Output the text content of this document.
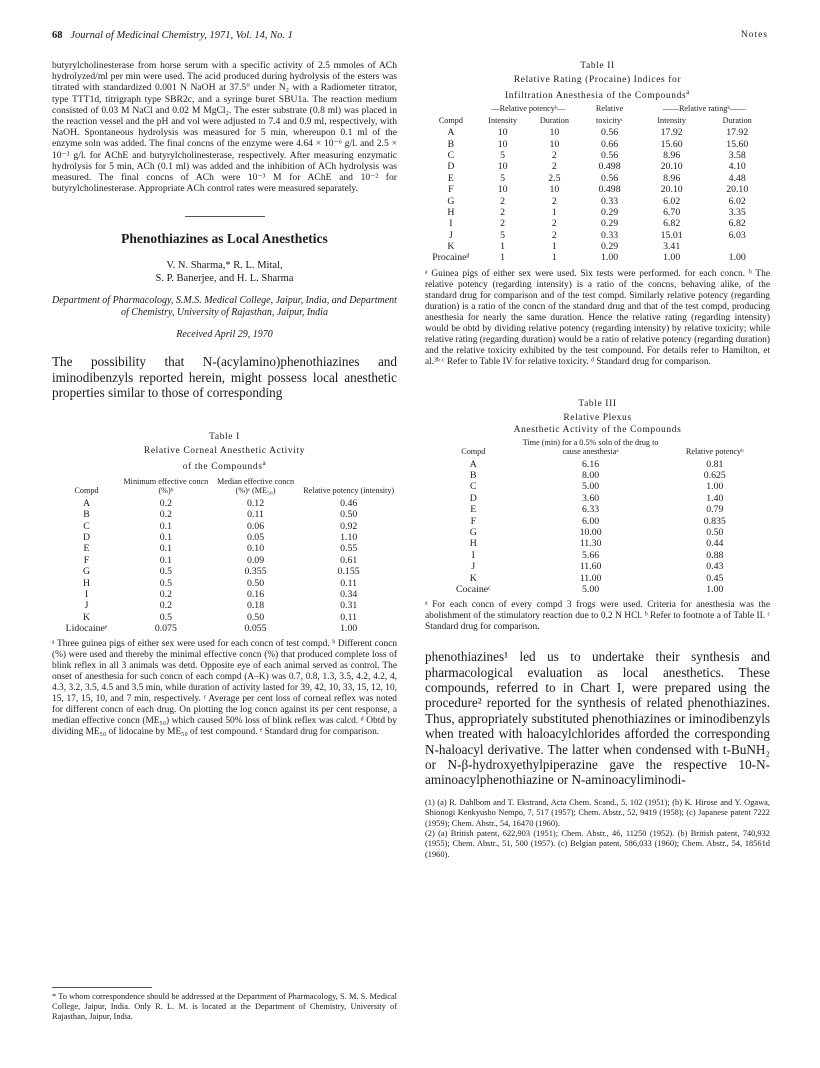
68 Journal of Medicinal Chemistry, 1971, Vol. 14, No. 1	Notes

butyrylcholinesterase from horse serum with a specific activity of 2.5 mmoles of ACh hydrolyzed/ml per min were used. The acid produced during hydrolysis of the esters was titrated with standardized 0.001 N NaOH at 37.5° under N₂ with a Radiometer titrator, type TTT1d, titrigraph type SBR2c, and a syringe buret SBU1a. The reaction medium consisted of 0.03 M NaCl and 0.02 M MgCl₂. The ester substrate (0.8 ml) was placed in the reaction vessel and the pH and vol were adjusted to 7.4 and 0.9 ml, respectively, with NaOH. Spontaneous hydrolysis was measured for 5 min, whereupon 0.1 ml of the enzyme soln was added. The final concns of the enzyme were 4.64 × 10⁻⁶ g/l. and 2.5 × 10⁻³ g/l. for AChE and butyrylcholinesterase, respectively. After measuring enzymatic hydrolysis for 5 min, ACh (0.1 ml) was added and the inhibition of ACh hydrolysis was measured. The final concns of ACh were 10⁻³ M for AChE and 10⁻² for butyrylcholinesterase. Appropriate ACh control rates were measured separately.

Phenothiazines as Local Anesthetics
V. N. Sharma,* R. L. Mital,
S. P. Banerjee, and H. L. Sharma
Department of Pharmacology, S.M.S. Medical College, Jaipur, India, and Department of Chemistry, University of Rajasthan, Jaipur, India
Received April 29, 1970

The possibility that N-(acylamino)phenothiazines and iminodibenzyls reported herein, might possess local anesthetic properties similar to those of corresponding

Table I
Relative Corneal Anesthetic Activity
of the Compounds$^a$
Compd	Minimum effective concn (%)ᵇ	Median effective concn (%)ᶜ (ME₅₀)	Relative potency (intensity)
A	0.2	0.12	0.46
B	0.2	0.11	0.50
C	0.1	0.06	0.92
D	0.1	0.05	1.10
E	0.1	0.10	0.55
F	0.1	0.09	0.61
G	0.5	0.355	0.155
H	0.5	0.50	0.11
I	0.2	0.16	0.34
J	0.2	0.18	0.31
K	0.5	0.50	0.11
Lidocaineᵉ	0.075	0.055	1.00
ᵃ Three guinea pigs of either sex were used for each concn of test compd. ᵇ Different concn (%) were used and thereby the minimal effective concn (%) that produced complete loss of blink reflex in all 3 animals was detd. Opposite eye of each animal served as control. The onset of anesthesia for such concn of each compd (A–K) was 0.7, 0.8, 1.3, 3.5, 4.2, 4.2, 4, 4.3, 3.2, 3.5, 4.5 and 3.5 min, while duration of activity lasted for 39, 42, 10, 33, 15, 12, 10, 15, 17, 15, 10, and 7 min, respectively. ᶜ Average per cent loss of corneal reflex was noted for different concn of each drug. On plotting the log concn against its per cent response, a median effective concn (ME₅₀) which caused 50% loss of blink reflex was calcd. ᵈ Obtd by dividing ME₅₀ of lidocaine by ME₅₀ of test compound. ᵉ Standard drug for comparison.
* To whom correspondence should be addressed at the Department of Pharmacology, S. M. S. Medical College, Jaipur, India. Only R. L. M. is located at the Department of Chemistry, University of Rajasthan, Jaipur, India.
Table II
Relative Rating (Procaine) Indices for
Infiltration Anesthesia of the Compounds$^a$
	—Relative potencyᵇ—		Relative	——Relative ratingᵇ——	
Compd	Intensity	Duration	toxicityᶜ	Intensity	Duration
A	10	10	0.56	17.92	17.92
B	10	10	0.66	15.60	15.60
C	5	2	0.56	8.96	3.58
D	10	2	0.498	20.10	4.10
E	5	2.5	0.56	8.96	4.48
F	10	10	0.498	20.10	20.10
G	2	2	0.33	6.02	6.02
H	2	1	0.29	6.70	3.35
I	2	2	0.29	6.82	6.82
J	5	2	0.33	15.01	6.03
K	1	1	0.29	3.41	
Procaineᵈ	1	1	1.00	1.00	1.00
ᵃ Guinea pigs of either sex were used. Six tests were performed. for each concn. ᵇ The relative potency (regarding intensity) is a ratio of the concns, behaving alike, of the standard drug for comparison and of the test compd. Similarly relative potency (regarding duration) is a ratio of the concn of the standard drug and that of the test compd, producing anesthesia for nearly the same duration. Hence the relative rating (regarding intensity) would be obtd by dividing relative potency (regarding intensity) by relative toxicity; while relative rating (regarding duration) would be a ratio of relative potency (regarding duration) and the relative toxicity exhibited by the test compound. For details refer to Hamilton, et al.³ᵇ ᶜ Refer to Table IV for relative toxicity. ᵈ Standard drug for comparison.
Table III
Relative Plexus
Anesthetic Activity of the Compounds
Compd	Time (min) for a 0.5% soln of the drug to cause anesthesiaᵃ	Relative potencyᵇ
A	6.16	0.81
B	8.00	0.625
C	5.00	1.00
D	3.60	1.40
E	6.33	0.79
F	6.00	0.835
G	10.00	0.50
H	11.30	0.44
I	5.66	0.88
J	11.60	0.43
K	11.00	0.45
Cocaineᶜ	5.00	1.00
ᵃ For each concn of every compd 3 frogs were used. Criteria for anesthesia was the abolishment of the stimulatory reaction due to 0.2 N HCl. ᵇ Refer to footnote a of Table II. ᶜ Standard drug for comparison.

phenothiazines¹ led us to undertake their synthesis and pharmacological evaluation as local anesthetics. These compounds, referred to in Chart I, were prepared using the procedure² reported for the synthesis of related phenothiazines. Thus, appropriately substituted phenothiazines or iminodibenzyls when treated with haloacylchlorides afforded the corresponding N-haloacyl derivative. The latter when condensed with t-BuNH₂ or N-β-hydroxyethylpiperazine gave the respective 10-N-aminoacylphenothiazine or N-aminoacyliminodi-

(1) (a) R. Dahlbom and T. Ekstrand, Acta Chem. Scand., 5, 102 (1951); (b) K. Hirose and Y. Ogawa, Shionogi Kenkyusho Nempo, 7, 517 (1957); Chem. Abstr., 52, 9419 (1958); (c) Japanese patent 7222 (1959); Chem. Abstr., 54, 16470 (1960).
(2) (a) British patent, 622,903 (1951); Chem. Abstr., 46, 11250 (1952). (b) British patent, 740,932 (1955); Chem. Abstr., 51, 500 (1957). (c) Belgian patent, 586,033 (1960); Chem. Abstr., 54, 18561d (1960).
